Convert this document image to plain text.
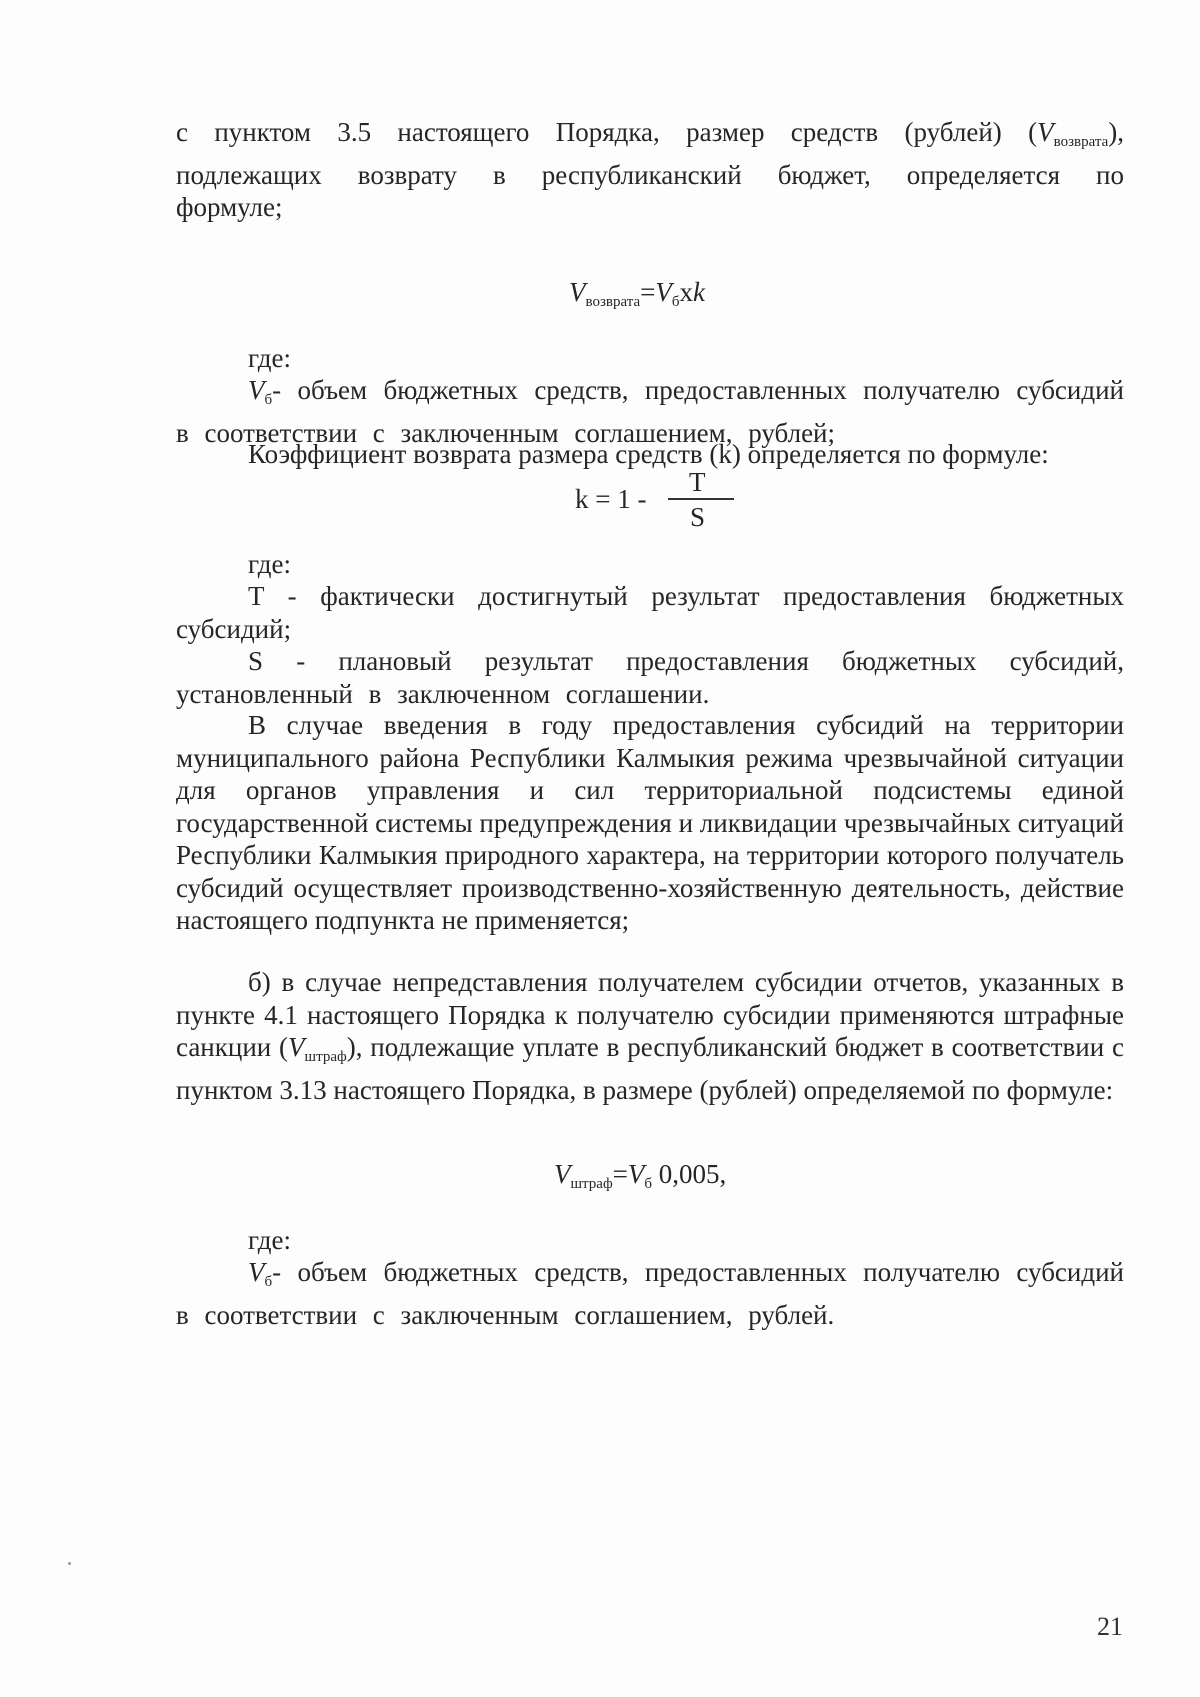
с пунктом 3.5 настоящего Порядка, размер средств (рублей) $(V_{возврата})$, подлежащих возврату в республиканский бюджет, определяется по формуле;

$V_{возврата}=V_бxk$

где:

$V_б-$ объем бюджетных средств, предоставленных получателю субсидий в соответствии с заключенным соглашением, рублей;

Коэффициент возврата размера средств (k) определяется по формуле:

k = 1 -
T
S

где:

T - фактически достигнутый результат предоставления бюджетных субсидий;

S - плановый результат предоставления бюджетных субсидий, установленный в заключенном соглашении.

В случае введения в году предоставления субсидий на территории муниципального района Республики Калмыкия режима чрезвычайной ситуации для органов управления и сил территориальной подсистемы единой государственной системы предупреждения и ликвидации чрезвычайных ситуаций Республики Калмыкия природного характера, на территории которого получатель субсидий осуществляет производственно-хозяйственную деятельность, действие настоящего подпункта не применяется;

б) в случае непредставления получателем субсидии отчетов, указанных в пункте 4.1 настоящего Порядка к получателю субсидии применяются штрафные санкции $(V_{штраф})$, подлежащие уплате в республиканский бюджет в соответствии с пунктом 3.13 настоящего Порядка, в размере (рублей) определяемой по формуле:

$V_{штраф}=V_б$ 0,005,

где:

$V_б-$ объем бюджетных средств, предоставленных получателю субсидий в соответствии с заключенным соглашением, рублей.

21
